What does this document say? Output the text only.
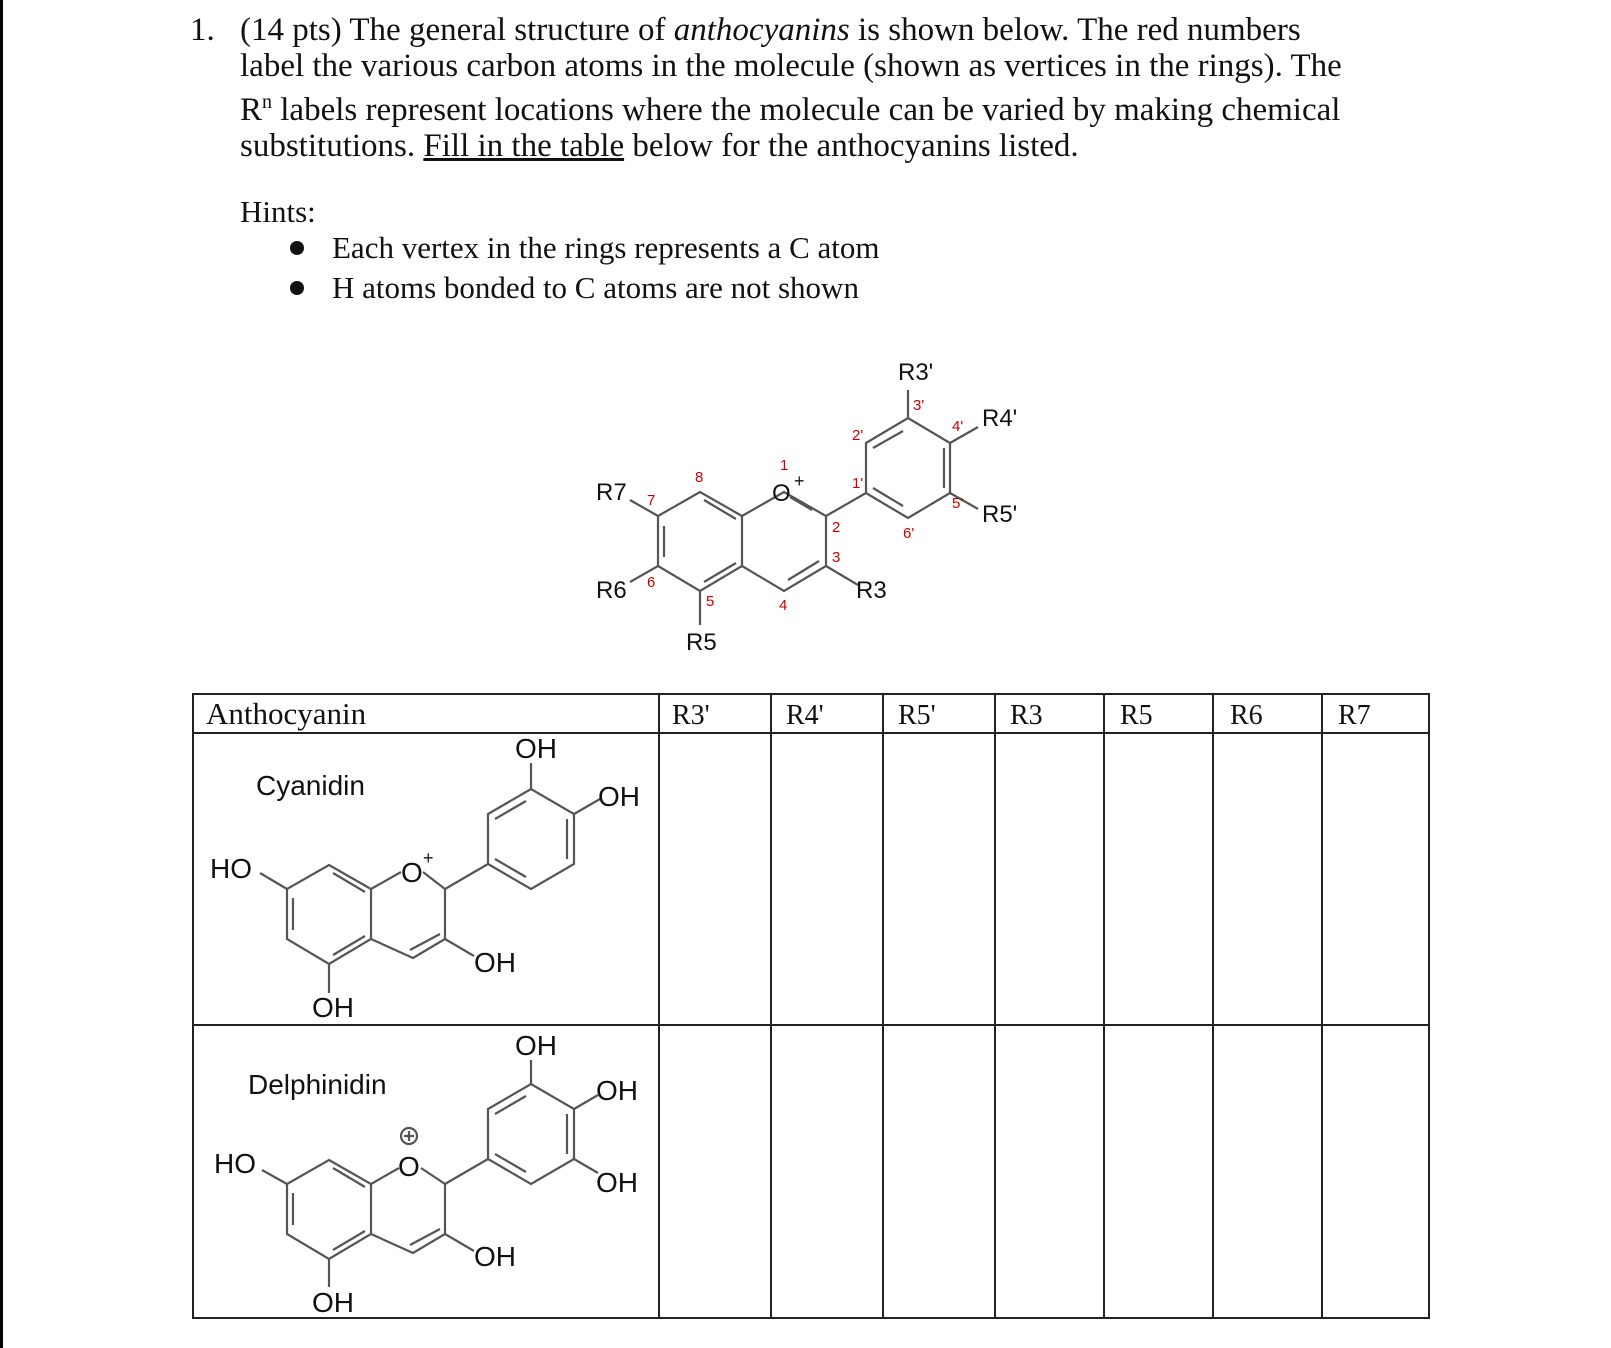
1. (14 pts) The general structure of anthocyanins is shown below. The red numbers
label the various carbon atoms in the molecule (shown as vertices in the rings). The
$R^n$ labels represent locations where the molecule can be varied by making chemical
substitutions. Fill in the table below for the anthocyanins listed.
Hints:
Each vertex in the rings represents a C atom
H atoms bonded to C atoms are not shown
O +
R3'
R4'
R5'
R3
R5
R6
R7
1
2
3
4
5
6
7
8	1'
2'
3'
4'
5'
6'
Anthocyanin	R3'	R4'	R5'	R3	R5	R6	R7
Cyanidin
OH
OH
HO
OH
OH
O +
Delphinidin
OH
OH
OH
HO
OH
OH
O
